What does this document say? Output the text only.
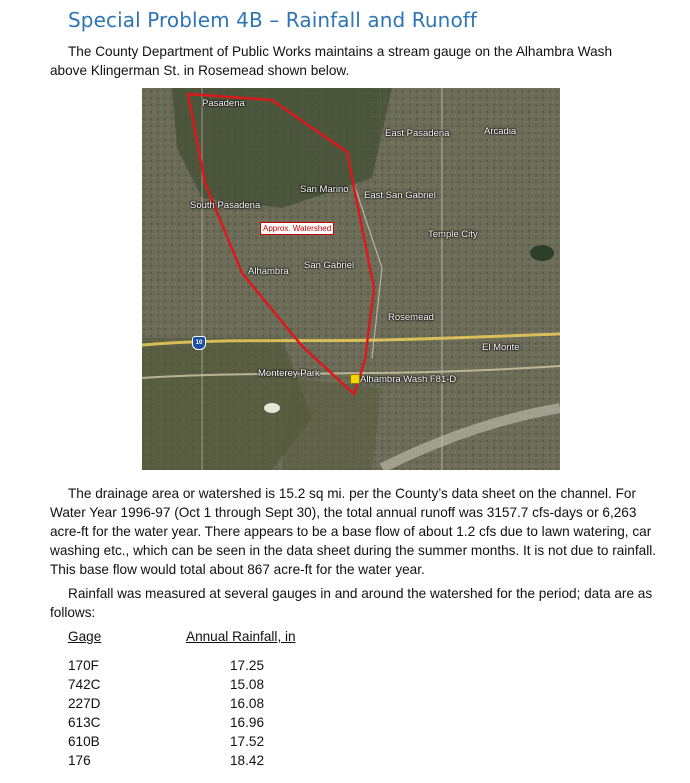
Special Problem 4B – Rainfall and Runoff

The County Department of Public Works maintains a stream gauge on the Alhambra Wash above Klingerman St. in Rosemead shown below.

Pasadena
East Pasadena	Arcadia
San Marino
South Pasadena
East San Gabriel
Temple City
Alhambra
San Gabriel
Rosemead
El Monte
Monterey Park
Alhambra Wash F81-D
Approx. Watershed
10

The drainage area or watershed is 15.2 sq mi. per the County’s data sheet on the channel. For Water Year 1996-97 (Oct 1 through Sept 30), the total annual runoff was 3157.7 cfs-days or 6,263 acre-ft for the water year. There appears to be a base flow of about 1.2 cfs due to lawn watering, car washing etc., which can be seen in the data sheet during the summer months. It is not due to rainfall. This base flow would total about 867 acre-ft for the water year.

Rainfall was measured at several gauges in and around the watershed for the period; data are as follows:

Gage	Annual Rainfall, in
170F	17.25
742C	15.08
227D	16.08
613C	16.96
610B	17.52
176	18.42
